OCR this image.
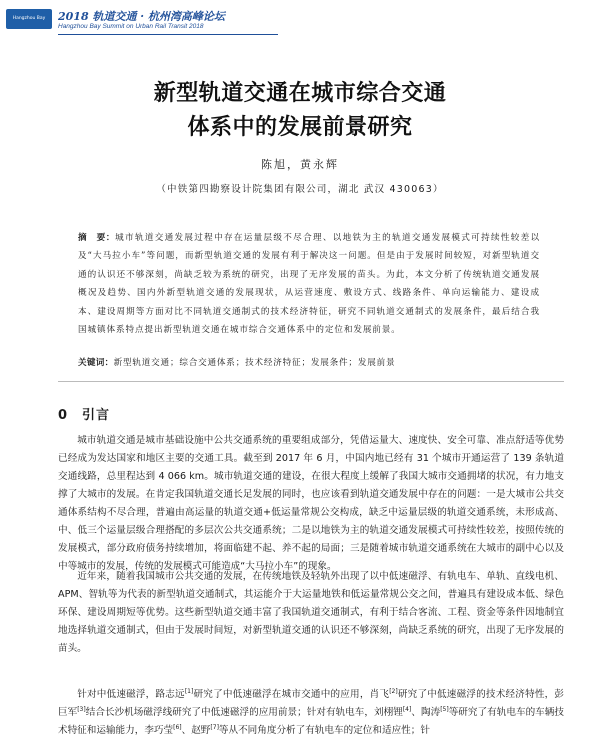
Hangzhou Bay Summit
2018 轨道交通 · 杭州湾高峰论坛
Hangzhou Bay Summit on Urban Rail Transit 2018
新型轨道交通在城市综合交通
体系中的发展前景研究
陈旭，黄永辉
（中铁第四勘察设计院集团有限公司，湖北 武汉 430063）
摘　要：城市轨道交通发展过程中存在运量层级不尽合理、以地铁为主的轨道交通发展模式可持续性较差以及“大马拉小车”等问题，而新型轨道交通的发展有利于解决这一问题。但是由于发展时间较短，对新型轨道交通的认识还不够深刻，尚缺乏较为系统的研究，出现了无序发展的苗头。为此，本文分析了传统轨道交通发展概况及趋势、国内外新型轨道交通的发展现状，从运营速度、敷设方式、线路条件、单向运输能力、建设成本、建设周期等方面对比不同轨道交通制式的技术经济特征，研究不同轨道交通制式的发展条件，最后结合我国城镇体系特点提出新型轨道交通在城市综合交通体系中的定位和发展前景。
关键词：新型轨道交通；综合交通体系；技术经济特征；发展条件；发展前景
0　引言
城市轨道交通是城市基础设施中公共交通系统的重要组成部分，凭借运量大、速度快、安全可靠、准点舒适等优势已经成为发达国家和地区主要的交通工具。截至到 2017 年 6 月，中国内地已经有 31 个城市开通运营了 139 条轨道交通线路，总里程达到 4 066 km。城市轨道交通的建设，在很大程度上缓解了我国大城市交通拥堵的状况，有力地支撑了大城市的发展。在肯定我国轨道交通长足发展的同时，也应该看到轨道交通发展中存在的问题：一是大城市公共交通体系结构不尽合理，普遍由高运量的轨道交通+低运量常规公交构成，缺乏中运量层级的轨道交通系统，未形成高、中、低三个运量层级合理搭配的多层次公共交通系统；二是以地铁为主的轨道交通发展模式可持续性较差，按照传统的发展模式，部分政府债务持续增加，将面临建不起、养不起的局面；三是随着城市轨道交通系统在大城市的副中心以及中等城市的发展，传统的发展模式可能造成“大马拉小车”的现象。
近年来，随着我国城市公共交通的发展，在传统地铁及轻轨外出现了以中低速磁浮、有轨电车、单轨、直线电机、APM、智轨等为代表的新型轨道交通制式，其运能介于大运量地铁和低运量常规公交之间，普遍具有建设成本低、绿色环保、建设周期短等优势。这些新型轨道交通丰富了我国轨道交通制式，有利于结合客流、工程、资金等条件因地制宜地选择轨道交通制式，但由于发展时间短，对新型轨道交通的认识还不够深刻，尚缺乏系统的研究，出现了无序发展的苗头。
针对中低速磁浮，路志远[1]研究了中低速磁浮在城市交通中的应用，肖飞[2]研究了中低速磁浮的技术经济特性，彭巨军[3]结合长沙机场磁浮线研究了中低速磁浮的应用前景；针对有轨电车，刘栩锂[4]、陶涛[5]等研究了有轨电车的车辆技术特征和运输能力，李巧莹[6]、赵野[7]等从不同角度分析了有轨电车的定位和适应性；针
